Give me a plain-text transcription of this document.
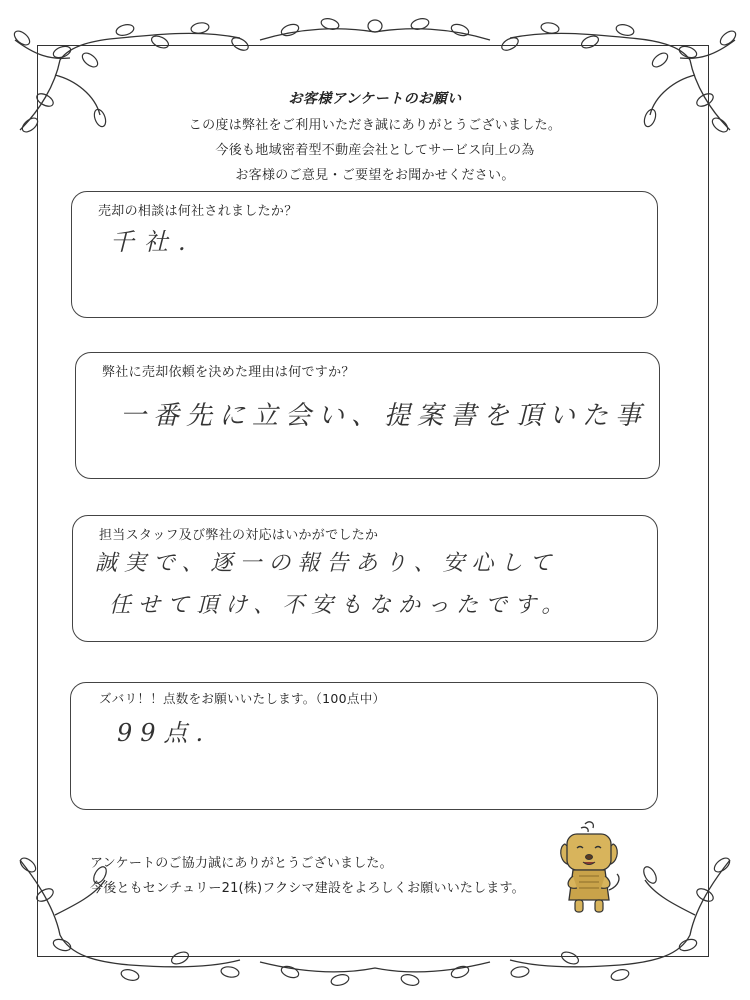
お客様アンケートのお願い
この度は弊社をご利用いただき誠にありがとうございました。
今後も地域密着型不動産会社としてサービス向上の為
お客様のご意見・ご要望をお聞かせください。
売却の相談は何社されましたか？
千社.
弊社に売却依頼を決めた理由は何ですか？
一番先に立会い、提案書を頂いた事
担当スタッフ及び弊社の対応はいかがでしたか
誠実で、逐一の報告あり、安心して
任せて頂け、不安もなかったです。
ズバリ！！点数をお願いいたします。（100点中）
99点.
アンケートのご協力誠にありがとうございました。
今後ともセンチュリー21(株)フクシマ建設をよろしくお願いいたします。
